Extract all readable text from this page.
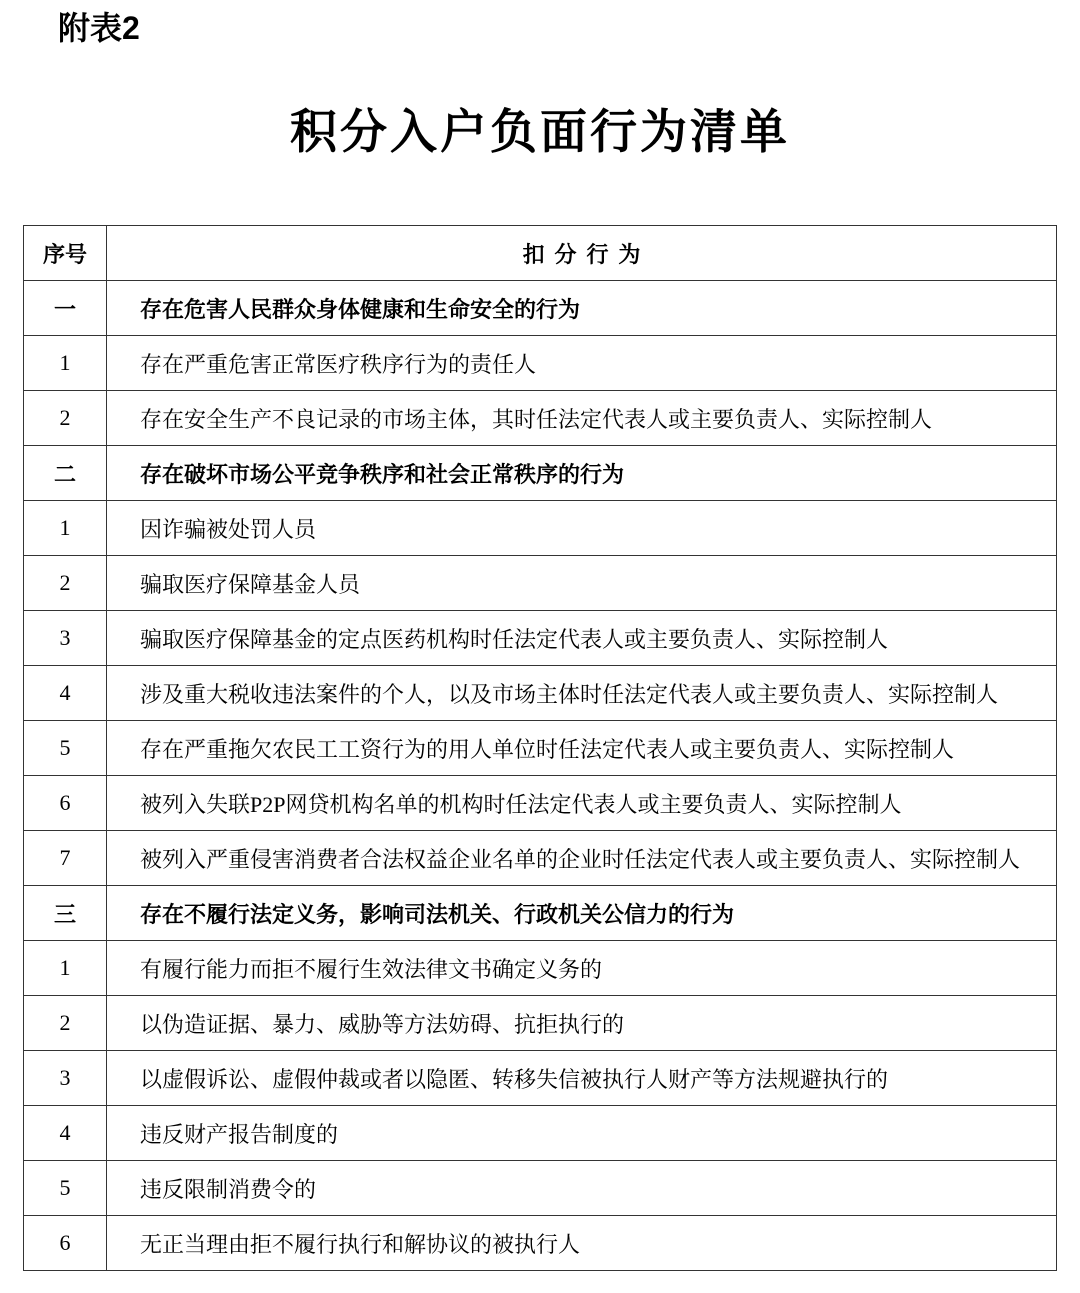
附表2
积分入户负面行为清单
序号	扣分行为
一	存在危害人民群众身体健康和生命安全的行为
1	存在严重危害正常医疗秩序行为的责任人
2	存在安全生产不良记录的市场主体，其时任法定代表人或主要负责人、实际控制人
二	存在破坏市场公平竞争秩序和社会正常秩序的行为
1	因诈骗被处罚人员
2	骗取医疗保障基金人员
3	骗取医疗保障基金的定点医药机构时任法定代表人或主要负责人、实际控制人
4	涉及重大税收违法案件的个人，以及市场主体时任法定代表人或主要负责人、实际控制人
5	存在严重拖欠农民工工资行为的用人单位时任法定代表人或主要负责人、实际控制人
6	被列入失联P2P网贷机构名单的机构时任法定代表人或主要负责人、实际控制人
7	被列入严重侵害消费者合法权益企业名单的企业时任法定代表人或主要负责人、实际控制人
三	存在不履行法定义务，影响司法机关、行政机关公信力的行为
1	有履行能力而拒不履行生效法律文书确定义务的
2	以伪造证据、暴力、威胁等方法妨碍、抗拒执行的
3	以虚假诉讼、虚假仲裁或者以隐匿、转移失信被执行人财产等方法规避执行的
4	违反财产报告制度的
5	违反限制消费令的
6	无正当理由拒不履行执行和解协议的被执行人
